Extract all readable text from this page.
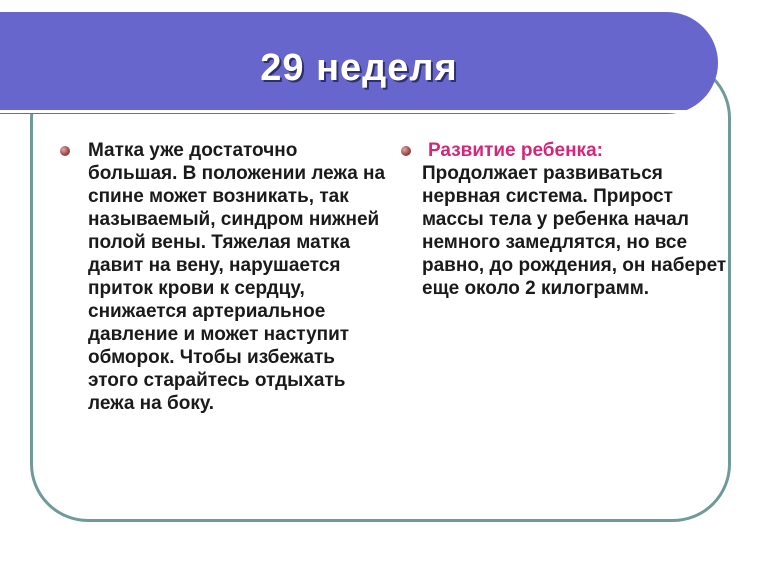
29 неделя

Матка уже достаточно большая. В положении лежа на спине может возникать, так называемый, синдром нижней полой вены. Тяжелая матка давит на вену, нарушается приток крови к сердцу, снижается артериальное давление и может наступит обморок. Чтобы избежать этого старайтесь отдыхать лежа на боку.

Развитие ребенка:

Продолжает развиваться нервная система. Прирост массы тела у ребенка начал немного замедлятся, но все равно, до рождения, он наберет еще около 2 килограмм.
